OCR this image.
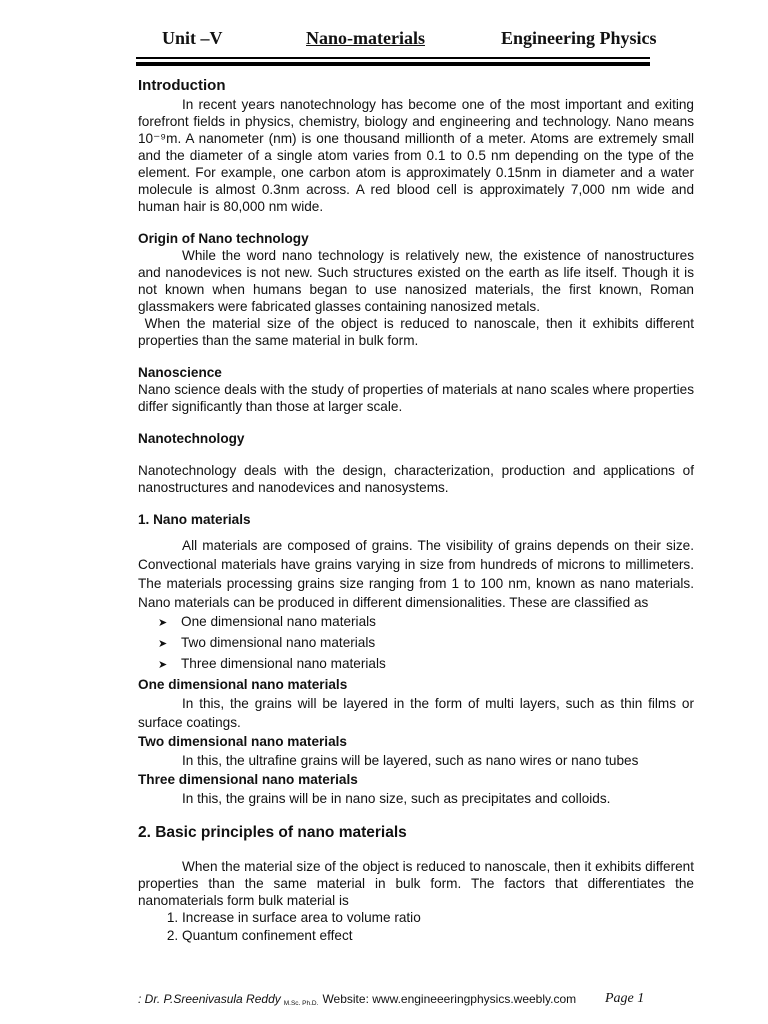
Unit –V	Nano-materials	Engineering Physics
Introduction

In recent years nanotechnology has become one of the most important and exiting forefront fields in physics, chemistry, biology and engineering and technology. Nano means 10⁻⁹m. A nanometer (nm) is one thousand millionth of a meter. Atoms are extremely small and the diameter of a single atom varies from 0.1 to 0.5 nm depending on the type of the element. For example, one carbon atom is approximately 0.15nm in diameter and a water molecule is almost 0.3nm across. A red blood cell is approximately 7,000 nm wide and human hair is 80,000 nm wide.

Origin of Nano technology

While the word nano technology is relatively new, the existence of nanostructures and nanodevices is not new. Such structures existed on the earth as life itself. Though it is not known when humans began to use nanosized materials, the first known, Roman glassmakers were fabricated glasses containing nanosized metals.

When the material size of the object is reduced to nanoscale, then it exhibits different properties than the same material in bulk form.

Nanoscience

Nano science deals with the study of properties of materials at nano scales where properties differ significantly than those at larger scale.

Nanotechnology

Nanotechnology deals with the design, characterization, production and applications of nanostructures and nanodevices and nanosystems.

1. Nano materials

All materials are composed of grains. The visibility of grains depends on their size. Convectional materials have grains varying in size from hundreds of microns to millimeters. The materials processing grains size ranging from 1 to 100 nm, known as nano materials. Nano materials can be produced in different dimensionalities. These are classified as

➤ One dimensional nano materials
➤ Two dimensional nano materials
➤ Three dimensional nano materials
One dimensional nano materials

In this, the grains will be layered in the form of multi layers, such as thin films or surface coatings.

Two dimensional nano materials

In this, the ultrafine grains will be layered, such as nano wires or nano tubes

Three dimensional nano materials

In this, the grains will be in nano size, such as precipitates and colloids.

2. Basic principles of nano materials

When the material size of the object is reduced to nanoscale, then it exhibits different properties than the same material in bulk form. The factors that differentiates the nanomaterials form bulk material is

1. Increase in surface area to volume ratio
2. Quantum confinement effect
: Dr. P.Sreenivasula Reddy M.Sc. Ph.D. Website: www.engineeeringphysics.weebly.com Page 1
